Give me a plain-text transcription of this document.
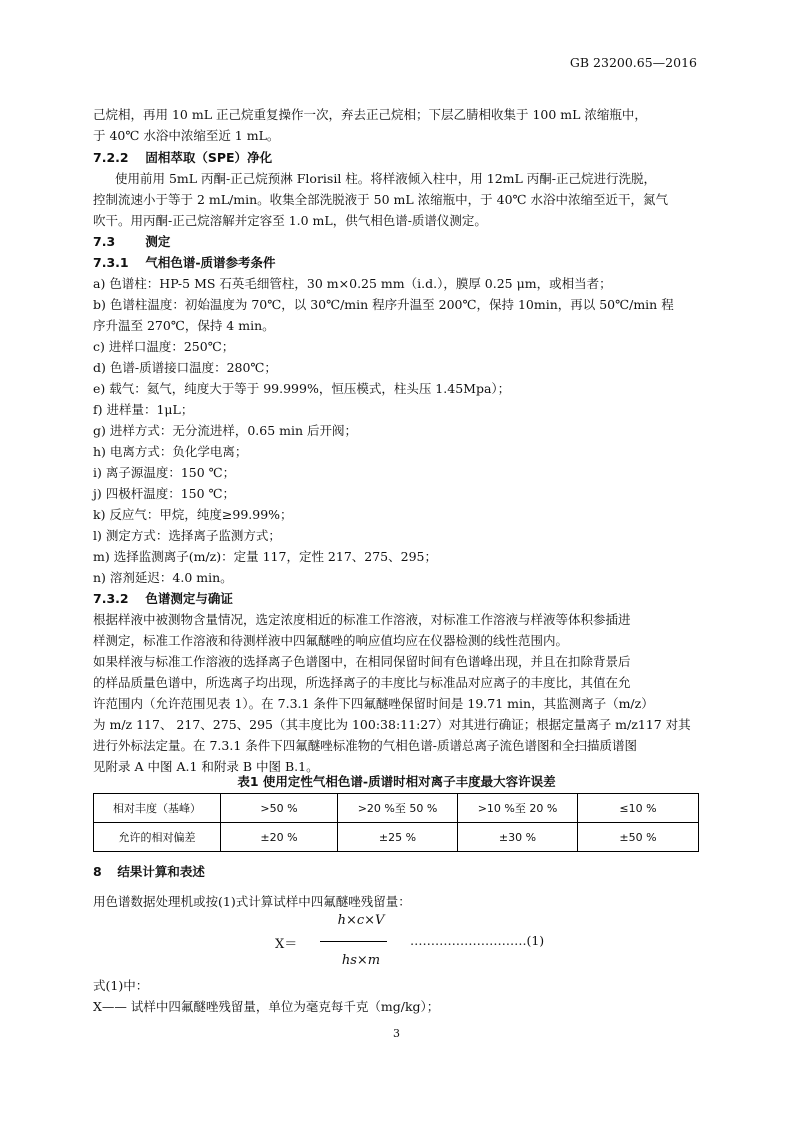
GB 23200.65—2016
己烷相，再用 10 mL 正己烷重复操作一次，弃去正己烷相；下层乙腈相收集于 100 mL 浓缩瓶中，
于 40℃ 水浴中浓缩至近 1 mL。
7.2.2 固相萃取（SPE）净化
使用前用 5mL 丙酮-正己烷预淋 Florisil 柱。将样液倾入柱中，用 12mL 丙酮-正己烷进行洗脱，
控制流速小于等于 2 mL/min。收集全部洗脱液于 50 mL 浓缩瓶中，于 40℃ 水浴中浓缩至近干，氮气
吹干。用丙酮-正己烷溶解并定容至 1.0 mL，供气相色谱-质谱仪测定。
7.3 测定
7.3.1 气相色谱-质谱参考条件
a) 色谱柱：HP-5 MS 石英毛细管柱，30 m×0.25 mm（i.d.），膜厚 0.25 μm，或相当者；
b) 色谱柱温度：初始温度为 70℃，以 30℃/min 程序升温至 200℃，保持 10min，再以 50℃/min 程
序升温至 270℃，保持 4 min。
c) 进样口温度：250℃；
d) 色谱-质谱接口温度：280℃；
e) 载气：氦气，纯度大于等于 99.999%，恒压模式，柱头压 1.45Mpa）；
f) 进样量：1μL；
g) 进样方式：无分流进样，0.65 min 后开阀；
h) 电离方式：负化学电离；
i) 离子源温度：150 ℃；
j) 四极杆温度：150 ℃；
k) 反应气：甲烷，纯度≥99.99%；
l) 测定方式：选择离子监测方式；
m) 选择监测离子(m/z)：定量 117，定性 217、275、295；
n) 溶剂延迟：4.0 min。
7.3.2 色谱测定与确证
根据样液中被测物含量情况，选定浓度相近的标准工作溶液，对标准工作溶液与样液等体积参插进
样测定，标准工作溶液和待测样液中四氟醚唑的响应值均应在仪器检测的线性范围内。
如果样液与标准工作溶液的选择离子色谱图中，在相同保留时间有色谱峰出现，并且在扣除背景后
的样品质量色谱中，所选离子均出现，所选择离子的丰度比与标准品对应离子的丰度比，其值在允
许范围内（允许范围见表 1）。在 7.3.1 条件下四氟醚唑保留时间是 19.71 min，其监测离子（m/z）
为 m/z 117、 217、275、295（其丰度比为 100:38:11:27）对其进行确证；根据定量离子 m/z117 对其
进行外标法定量。在 7.3.1 条件下四氟醚唑标准物的气相色谱-质谱总离子流色谱图和全扫描质谱图
见附录 A 中图 A.1 和附录 B 中图 B.1。
表1 使用定性气相色谱-质谱时相对离子丰度最大容许误差
相对丰度（基峰）	>50 %	>20 %至 50 %	>10 %至 20 %	≤10 %
允许的相对偏差	±20 %	±25 %	±30 %	±50 %
8 结果计算和表述
用色谱数据处理机或按(1)式计算试样中四氟醚唑残留量：
X＝
h×c×V
hs×m
……………………….(1)
式(1)中：
X—— 试样中四氟醚唑残留量，单位为毫克每千克（mg/kg）；
3
